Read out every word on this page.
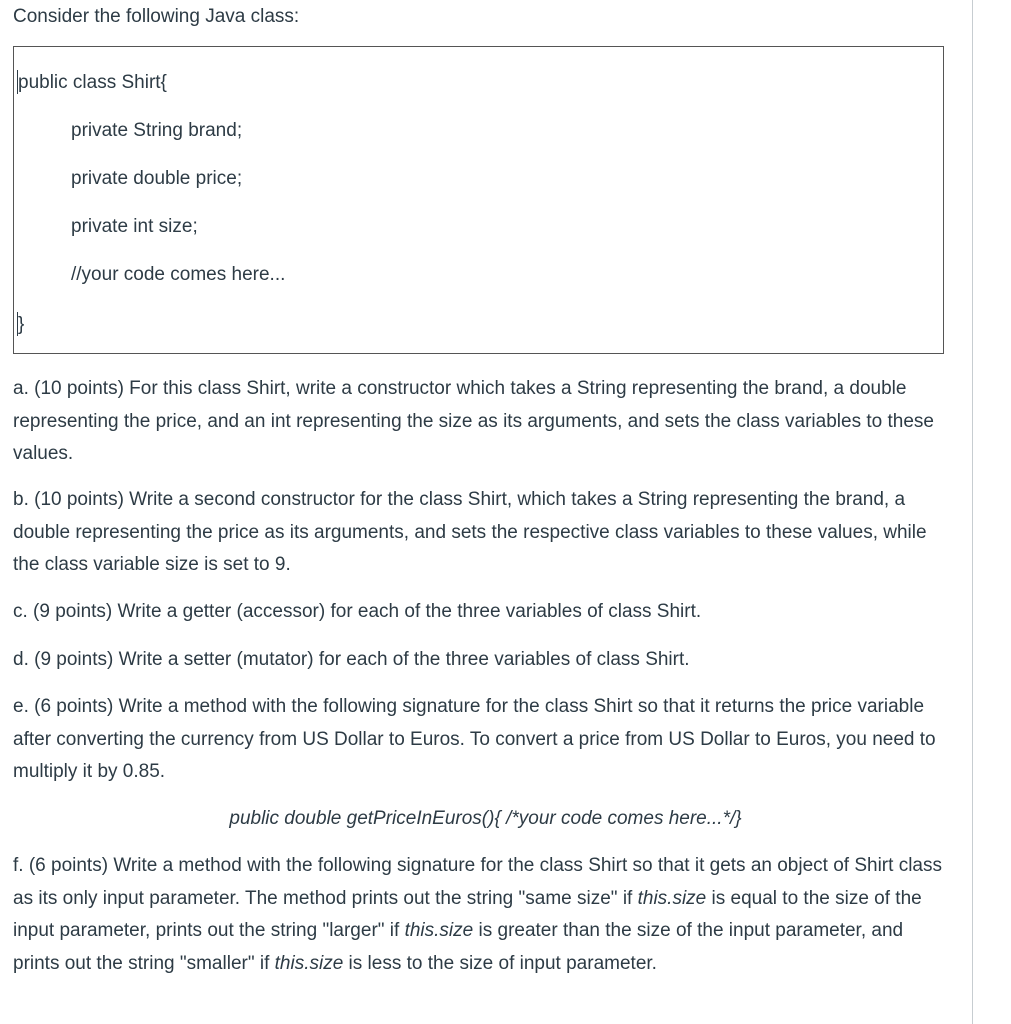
Consider the following Java class:

public class Shirt{
private String brand;
private double price;
private int size;
//your code comes here...
}

a. (10 points) For this class Shirt, write a constructor which takes a String representing the brand, a double representing the price, and an int representing the size as its arguments, and sets the class variables to these values.

b. (10 points) Write a second constructor for the class Shirt, which takes a String representing the brand, a double representing the price as its arguments, and sets the respective class variables to these values, while the class variable size is set to 9.

c. (9 points) Write a getter (accessor) for each of the three variables of class Shirt.

d. (9 points) Write a setter (mutator) for each of the three variables of class Shirt.

e. (6 points) Write a method with the following signature for the class Shirt so that it returns the price variable after converting the currency from US Dollar to Euros. To convert a price from US Dollar to Euros, you need to multiply it by 0.85.

public double getPriceInEuros(){ /*your code comes here...*/}

f. (6 points) Write a method with the following signature for the class Shirt so that it gets an object of Shirt class as its only input parameter. The method prints out the string "same size" if this.size is equal to the size of the input parameter, prints out the string "larger" if this.size is greater than the size of the input parameter, and prints out the string "smaller" if this.size is less to the size of input parameter.
